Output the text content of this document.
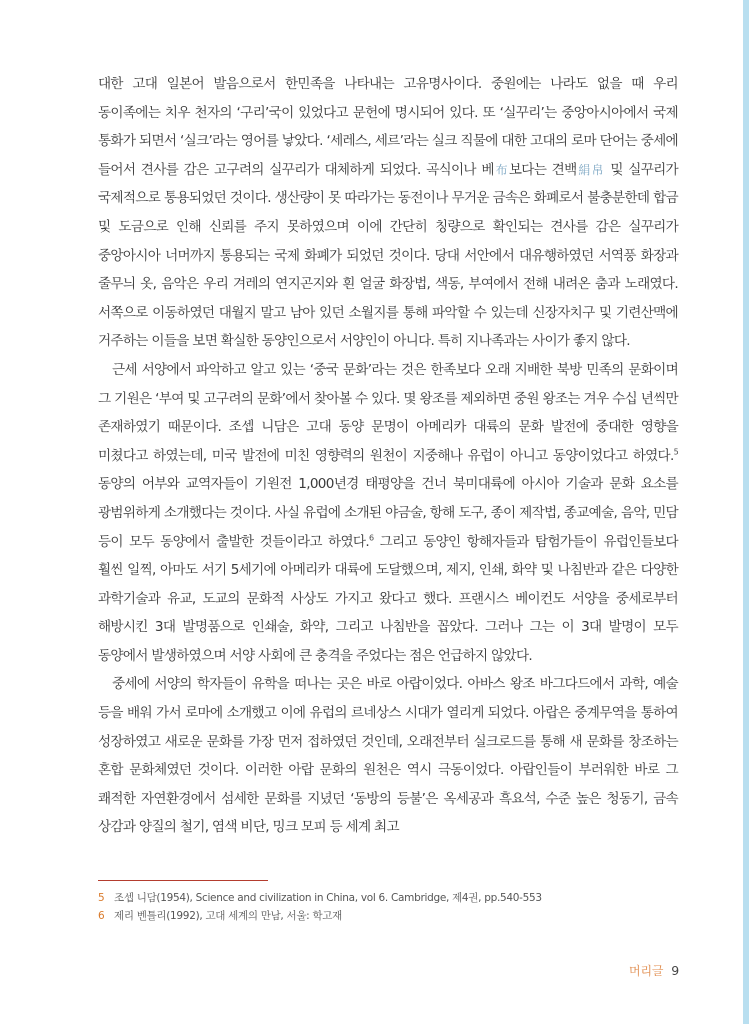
대한 고대 일본어 발음으로서 한민족을 나타내는 고유명사이다. 중원에는 나라도 없을 때 우리 동이족에는 치우 천자의 ‘구리’국이 있었다고 문헌에 명시되어 있다. 또 ‘실꾸리’는 중앙아시아에서 국제 통화가 되면서 ‘실크’라는 영어를 낳았다. ‘세레스, 세르’라는 실크 직물에 대한 고대의 로마 단어는 중세에 들어서 견사를 감은 고구려의 실꾸리가 대체하게 되었다. 곡식이나 베布보다는 견백絹帛 및 실꾸리가 국제적으로 통용되었던 것이다. 생산량이 못 따라가는 동전이나 무거운 금속은 화폐로서 불충분한데 합금 및 도금으로 인해 신뢰를 주지 못하였으며 이에 간단히 칭량으로 확인되는 견사를 감은 실꾸리가 중앙아시아 너머까지 통용되는 국제 화폐가 되었던 것이다. 당대 서안에서 대유행하였던 서역풍 화장과 줄무늬 옷, 음악은 우리 겨레의 연지곤지와 흰 얼굴 화장법, 색동, 부여에서 전해 내려온 춤과 노래였다. 서쪽으로 이동하였던 대월지 말고 남아 있던 소월지를 통해 파악할 수 있는데 신장자치구 및 기련산맥에 거주하는 이들을 보면 확실한 동양인으로서 서양인이 아니다. 특히 지나족과는 사이가 좋지 않다.

근세 서양에서 파악하고 알고 있는 ‘중국 문화’라는 것은 한족보다 오래 지배한 북방 민족의 문화이며 그 기원은 ‘부여 및 고구려의 문화’에서 찾아볼 수 있다. 몇 왕조를 제외하면 중원 왕조는 겨우 수십 년씩만 존재하였기 때문이다. 조셉 니담은 고대 동양 문명이 아메리카 대륙의 문화 발전에 중대한 영향을 미쳤다고 하였는데, 미국 발전에 미친 영향력의 원천이 지중해나 유럽이 아니고 동양이었다고 하였다.$^5$ 동양의 어부와 교역자들이 기원전 1,000년경 태평양을 건너 북미대륙에 아시아 기술과 문화 요소를 광범위하게 소개했다는 것이다. 사실 유럽에 소개된 야금술, 항해 도구, 종이 제작법, 종교예술, 음악, 민담 등이 모두 동양에서 출발한 것들이라고 하였다.$^6$ 그리고 동양인 항해자들과 탐험가들이 유럽인들보다 훨씬 일찍, 아마도 서기 5세기에 아메리카 대륙에 도달했으며, 제지, 인쇄, 화약 및 나침반과 같은 다양한 과학기술과 유교, 도교의 문화적 사상도 가지고 왔다고 했다. 프랜시스 베이컨도 서양을 중세로부터 해방시킨 3대 발명품으로 인쇄술, 화약, 그리고 나침반을 꼽았다. 그러나 그는 이 3대 발명이 모두 동양에서 발생하였으며 서양 사회에 큰 충격을 주었다는 점은 언급하지 않았다.

중세에 서양의 학자들이 유학을 떠나는 곳은 바로 아랍이었다. 아바스 왕조 바그다드에서 과학, 예술 등을 배워 가서 로마에 소개했고 이에 유럽의 르네상스 시대가 열리게 되었다. 아랍은 중계무역을 통하여 성장하였고 새로운 문화를 가장 먼저 접하였던 것인데, 오래전부터 실크로드를 통해 새 문화를 창조하는 혼합 문화체였던 것이다. 이러한 아랍 문화의 원천은 역시 극동이었다. 아랍인들이 부러워한 바로 그 쾌적한 자연환경에서 섬세한 문화를 지녔던 ‘동방의 등불’은 옥세공과 흑요석, 수준 높은 청동기, 금속 상감과 양질의 철기, 염색 비단, 밍크 모피 등 세계 최고

5 조셉 니담(1954), Science and civilization in China, vol 6. Cambridge, 제4권, pp.540-553
6 제리 벤틀리(1992), 고대 세계의 만남, 서울: 학고재
머리글 9
